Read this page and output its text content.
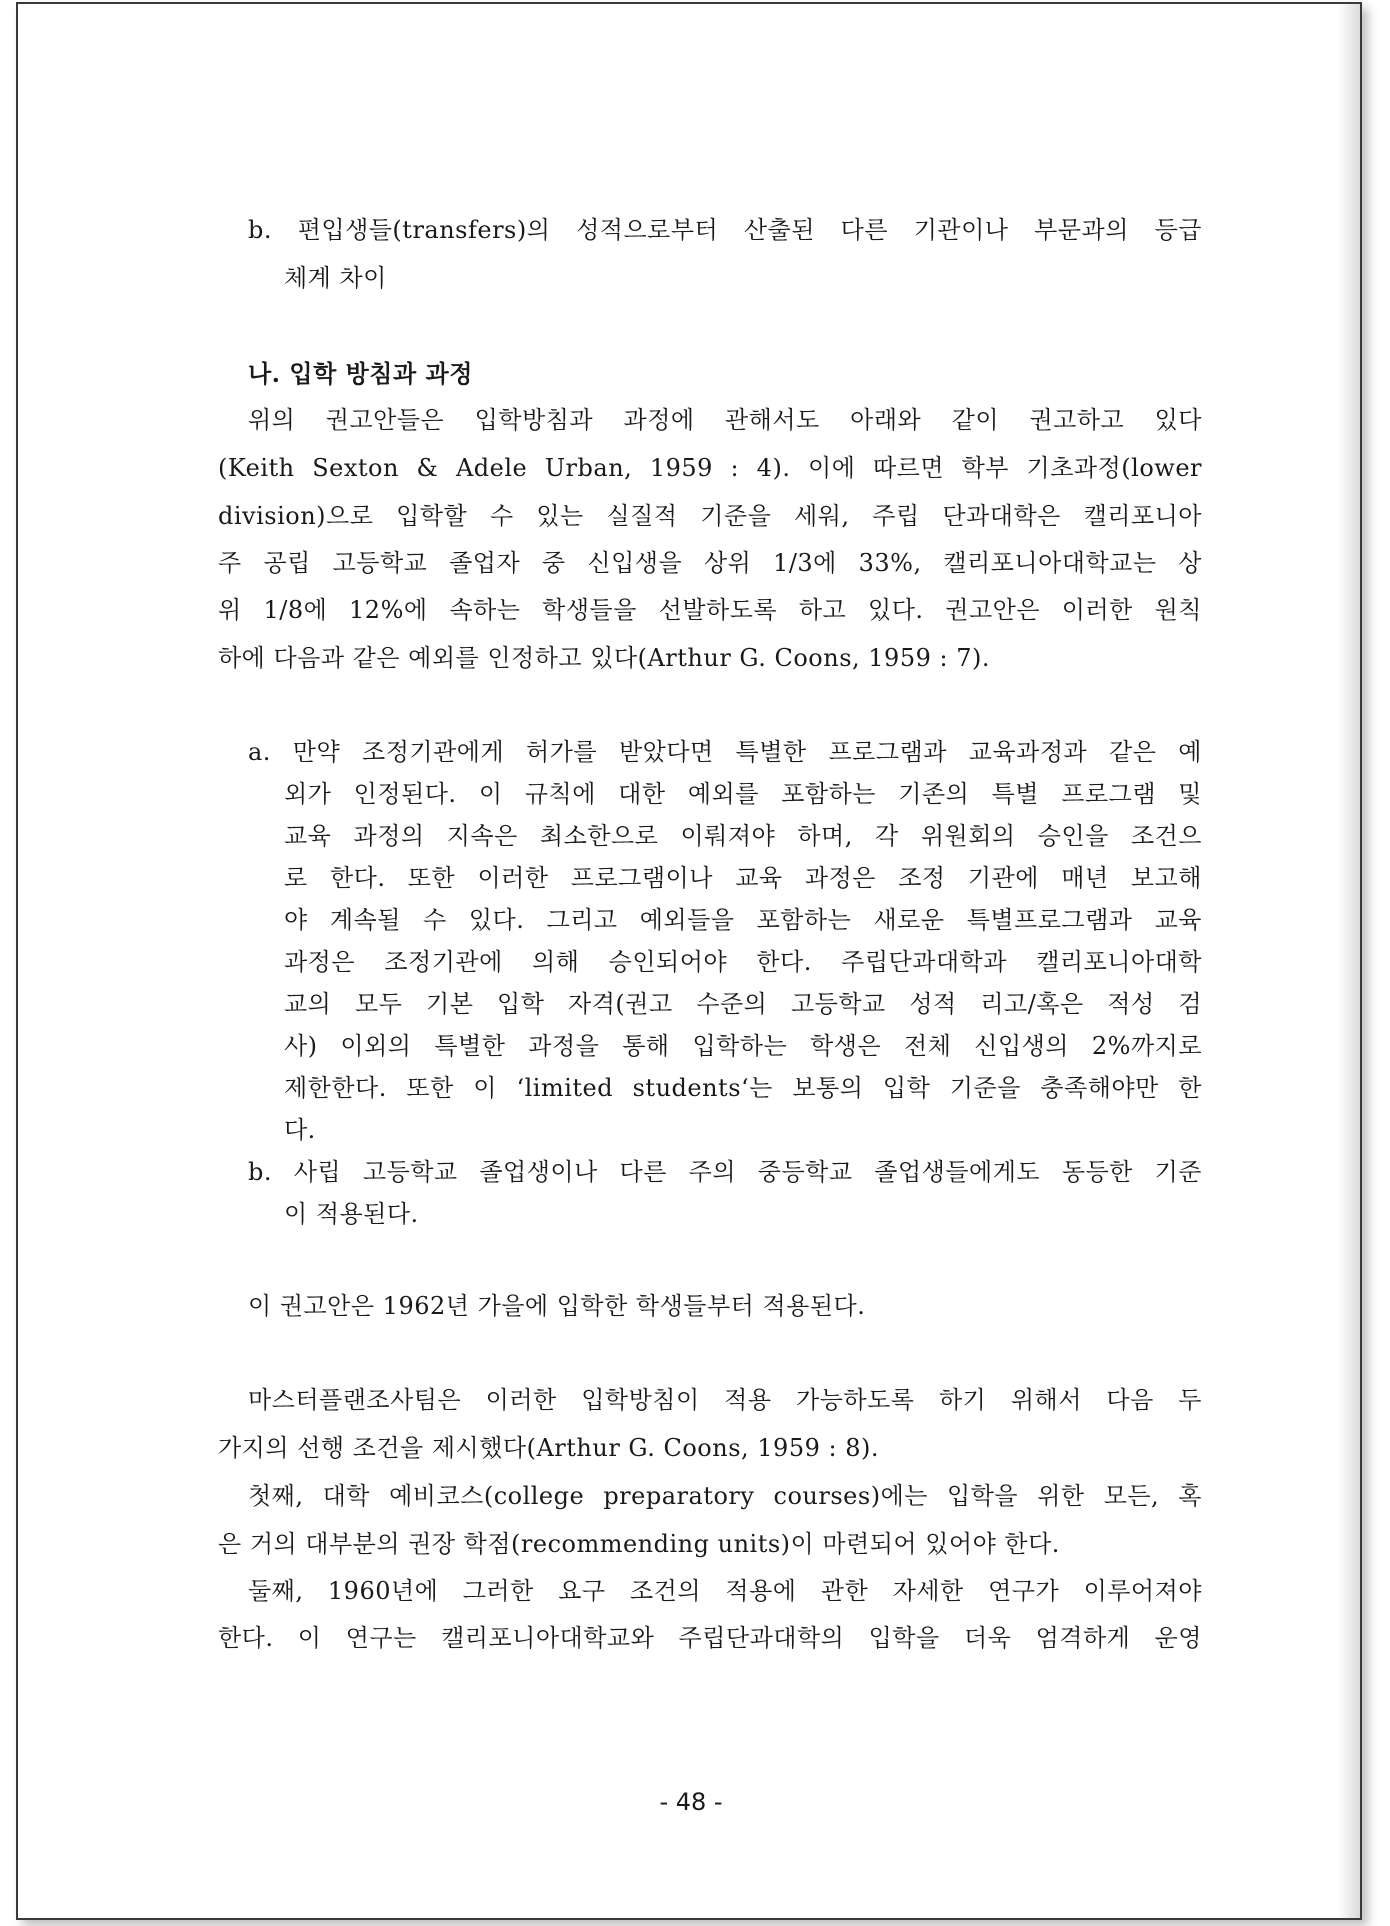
b. 편입생들(transfers)의 성적으로부터 산출된 다른 기관이나 부문과의 등급
체계 차이
나. 입학 방침과 과정
위의 권고안들은 입학방침과 과정에 관해서도 아래와 같이 권고하고 있다
(Keith Sexton & Adele Urban, 1959 : 4). 이에 따르면 학부 기초과정(lower
division)으로 입학할 수 있는 실질적 기준을 세워, 주립 단과대학은 캘리포니아
주 공립 고등학교 졸업자 중 신입생을 상위 1/3에 33%, 캘리포니아대학교는 상
위 1/8에 12%에 속하는 학생들을 선발하도록 하고 있다. 권고안은 이러한 원칙
하에 다음과 같은 예외를 인정하고 있다(Arthur G. Coons, 1959 : 7).
a. 만약 조정기관에게 허가를 받았다면 특별한 프로그램과 교육과정과 같은 예
외가 인정된다. 이 규칙에 대한 예외를 포함하는 기존의 특별 프로그램 및
교육 과정의 지속은 최소한으로 이뤄져야 하며, 각 위원회의 승인을 조건으
로 한다. 또한 이러한 프로그램이나 교육 과정은 조정 기관에 매년 보고해
야 계속될 수 있다. 그리고 예외들을 포함하는 새로운 특별프로그램과 교육
과정은 조정기관에 의해 승인되어야 한다. 주립단과대학과 캘리포니아대학
교의 모두 기본 입학 자격(권고 수준의 고등학교 성적 리고/혹은 적성 검
사) 이외의 특별한 과정을 통해 입학하는 학생은 전체 신입생의 2%까지로
제한한다. 또한 이 ‘limited students‘는 보통의 입학 기준을 충족해야만 한
다.
b. 사립 고등학교 졸업생이나 다른 주의 중등학교 졸업생들에게도 동등한 기준
이 적용된다.
이 권고안은 1962년 가을에 입학한 학생들부터 적용된다.
마스터플랜조사팀은 이러한 입학방침이 적용 가능하도록 하기 위해서 다음 두
가지의 선행 조건을 제시했다(Arthur G. Coons, 1959 : 8).
첫째, 대학 예비코스(college preparatory courses)에는 입학을 위한 모든, 혹
은 거의 대부분의 권장 학점(recommending units)이 마련되어 있어야 한다.
둘째, 1960년에 그러한 요구 조건의 적용에 관한 자세한 연구가 이루어져야
한다. 이 연구는 캘리포니아대학교와 주립단과대학의 입학을 더욱 엄격하게 운영
- 48 -
